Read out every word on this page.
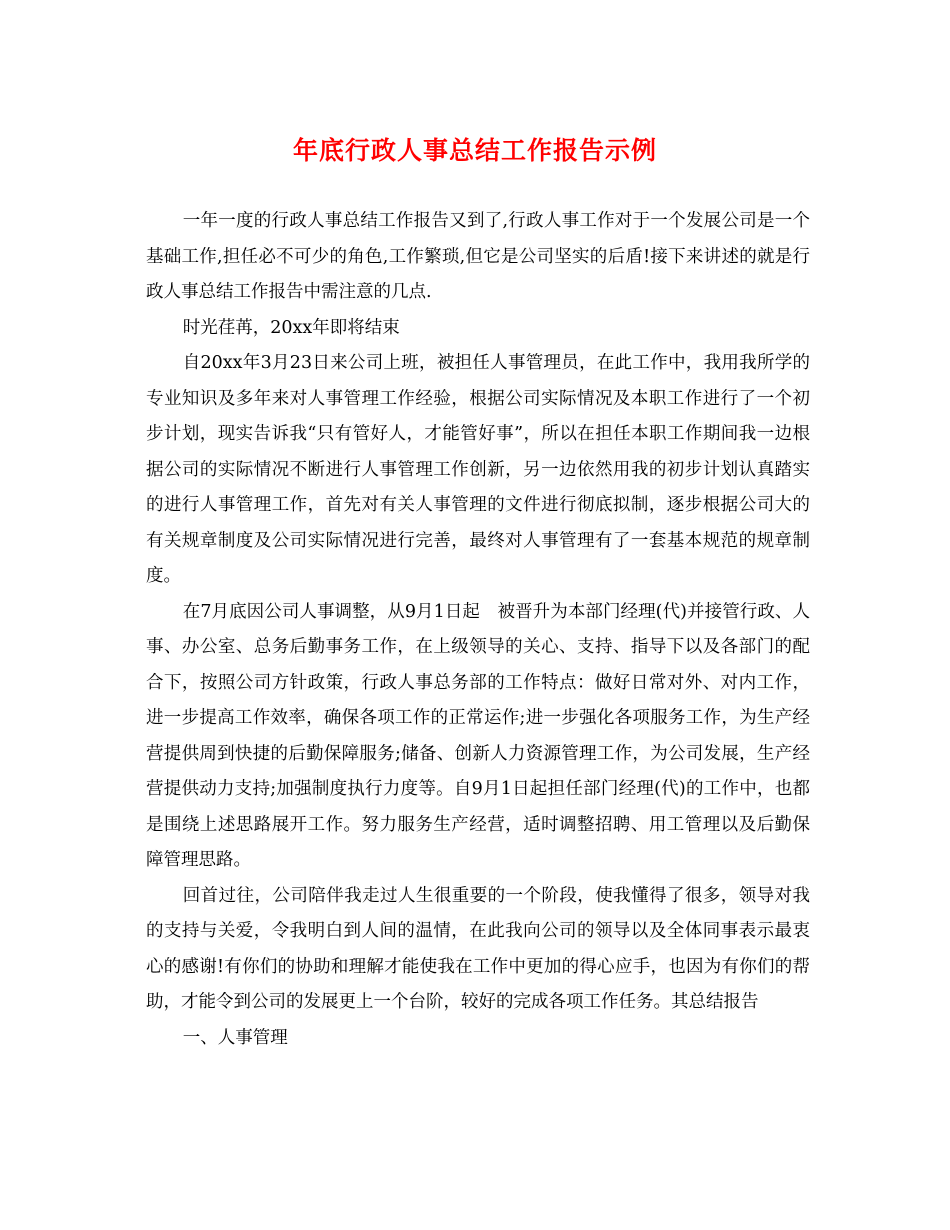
年底行政人事总结工作报告示例

一年一度的行政人事总结工作报告又到了,行政人事工作对于一个发展公司是一个基础工作,担任必不可少的角色,工作繁琐,但它是公司坚实的后盾!接下来讲述的就是行政人事总结工作报告中需注意的几点.

时光荏苒，20xx年即将结束

自20xx年3月23日来公司上班，被担任人事管理员，在此工作中，我用我所学的专业知识及多年来对人事管理工作经验，根据公司实际情况及本职工作进行了一个初步计划，现实告诉我“只有管好人，才能管好事”，所以在担任本职工作期间我一边根据公司的实际情况不断进行人事管理工作创新，另一边依然用我的初步计划认真踏实的进行人事管理工作，首先对有关人事管理的文件进行彻底拟制，逐步根据公司大的有关规章制度及公司实际情况进行完善，最终对人事管理有了一套基本规范的规章制度。

在7月底因公司人事调整，从9月1日起　被晋升为本部门经理(代)并接管行政、人事、办公室、总务后勤事务工作，在上级领导的关心、支持、指导下以及各部门的配合下，按照公司方针政策，行政人事总务部的工作特点：做好日常对外、对内工作，进一步提高工作效率，确保各项工作的正常运作;进一步强化各项服务工作，为生产经营提供周到快捷的后勤保障服务;储备、创新人力资源管理工作，为公司发展，生产经营提供动力支持;加强制度执行力度等。自9月1日起担任部门经理(代)的工作中，也都是围绕上述思路展开工作。努力服务生产经营，适时调整招聘、用工管理以及后勤保障管理思路。

回首过往，公司陪伴我走过人生很重要的一个阶段，使我懂得了很多，领导对我的支持与关爱，令我明白到人间的温情，在此我向公司的领导以及全体同事表示最衷心的感谢!有你们的协助和理解才能使我在工作中更加的得心应手，也因为有你们的帮助，才能令到公司的发展更上一个台阶，较好的完成各项工作任务。其总结报告

一、人事管理
